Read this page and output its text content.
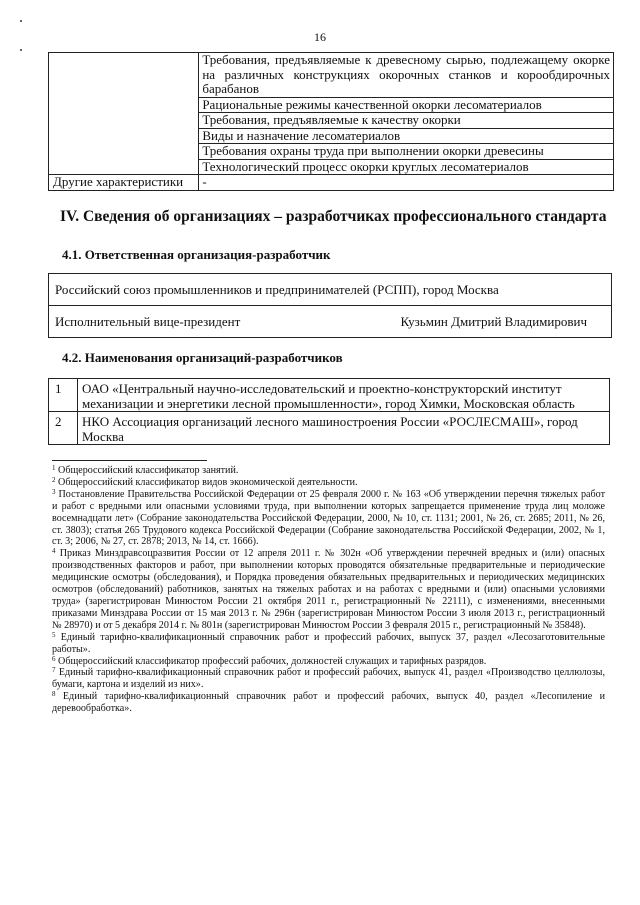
16
	Требования, предъявляемые к древесному сырью, подлежащему окорке на различных конструкциях окорочных станков и корообдирочных барабанов
	Рациональные режимы качественной окорки лесоматериалов
	Требования, предъявляемые к качеству окорки
	Виды и назначение лесоматериалов
	Требования охраны труда при выполнении окорки древесины
	Технологический процесс окорки круглых лесоматериалов
Другие характеристики	-
IV. Сведения об организациях – разработчиках профессионального стандарта
4.1. Ответственная организация-разработчик
Российский союз промышленников и предпринимателей (РСПП), город Москва
Исполнительный вице-президент	Кузьмин Дмитрий Владимирович
4.2. Наименования организаций-разработчиков
1	ОАО «Центральный научно-исследовательский и проектно-конструкторский институт механизации и энергетики лесной промышленности», город Химки, Московская область
2	НКО Ассоциация организаций лесного машиностроения России «РОСЛЕСМАШ», город Москва

$^1$ Общероссийский классификатор занятий.

$^2$ Общероссийский классификатор видов экономической деятельности.

$^3$ Постановление Правительства Российской Федерации от 25 февраля 2000 г. № 163 «Об утверждении перечня тяжелых работ и работ с вредными или опасными условиями труда, при выполнении которых запрещается применение труда лиц моложе восемнадцати лет» (Собрание законодательства Российской Федерации, 2000, № 10, ст. 1131; 2001, № 26, ст. 2685; 2011, № 26, ст. 3803); статья 265 Трудового кодекса Российской Федерации (Собрание законодательства Российской Федерации, 2002, № 1, ст. 3; 2006, № 27, ст. 2878; 2013, № 14, ст. 1666).

$^4$ Приказ Минздравсоцразвития России от 12 апреля 2011 г. № 302н «Об утверждении перечней вредных и (или) опасных производственных факторов и работ, при выполнении которых проводятся обязательные предварительные и периодические медицинские осмотры (обследования), и Порядка проведения обязательных предварительных и периодических медицинских осмотров (обследований) работников, занятых на тяжелых работах и на работах с вредными и (или) опасными условиями труда» (зарегистрирован Минюстом России 21 октября 2011 г., регистрационный № 22111), с изменениями, внесенными приказами Минздрава России от 15 мая 2013 г. № 296н (зарегистрирован Минюстом России 3 июля 2013 г., регистрационный № 28970) и от 5 декабря 2014 г. № 801н (зарегистрирован Минюстом России 3 февраля 2015 г., регистрационный № 35848).

$^5$ Единый тарифно-квалификационный справочник работ и профессий рабочих, выпуск 37, раздел «Лесозаготовительные работы».

$^6$ Общероссийский классификатор профессий рабочих, должностей служащих и тарифных разрядов.

$^7$ Единый тарифно-квалификационный справочник работ и профессий рабочих, выпуск 41, раздел «Производство целлюлозы, бумаги, картона и изделий из них».

$^8$ Единый тарифно-квалификационный справочник работ и профессий рабочих, выпуск 40, раздел «Лесопиление и деревообработка».
